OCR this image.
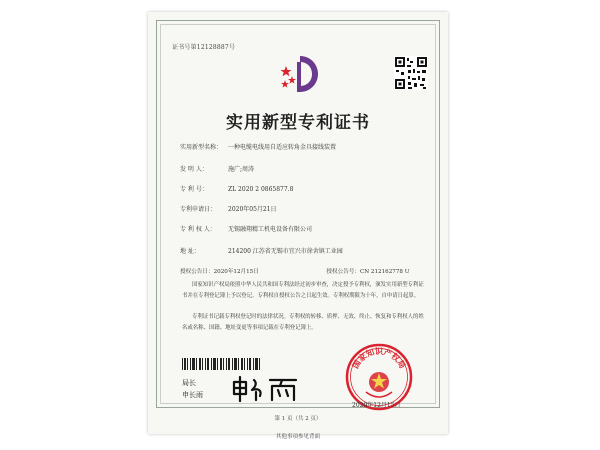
证书号第12128887号
实用新型专利证书
实用新型名称： 一种电缆电线用自适应转角金具接线装置
发 明 人：	施广;周涛
专 利 号：	ZL 2020 2 0865877.8
专利申请日： 2020年05月21日
专 利 权 人： 无锡融翔精工机电设备有限公司
地 址：	214200 江苏省无锡市宜兴市徐舍镇工业园
授权公告日：2020年12月15日	授权公告号：CN 212162778 U
国家知识产权局依照中华人民共和国专利法经过初步审查，决定授予专利权，颁发实用新型专利证书并在专利登记簿上予以登记。专利权自授权公告之日起生效。专利权期限为十年，自申请日起算。
专利证书记载专利权登记时的法律状况。专利权的转移、质押、无效、终止、恢复和专利权人的姓名或名称、国籍、地址变更等事项记载在专利登记簿上。
局长
申长雨
国家知识产权局
2020年12月15日
第 1 页（共 2 页）
其他事项参见背面
